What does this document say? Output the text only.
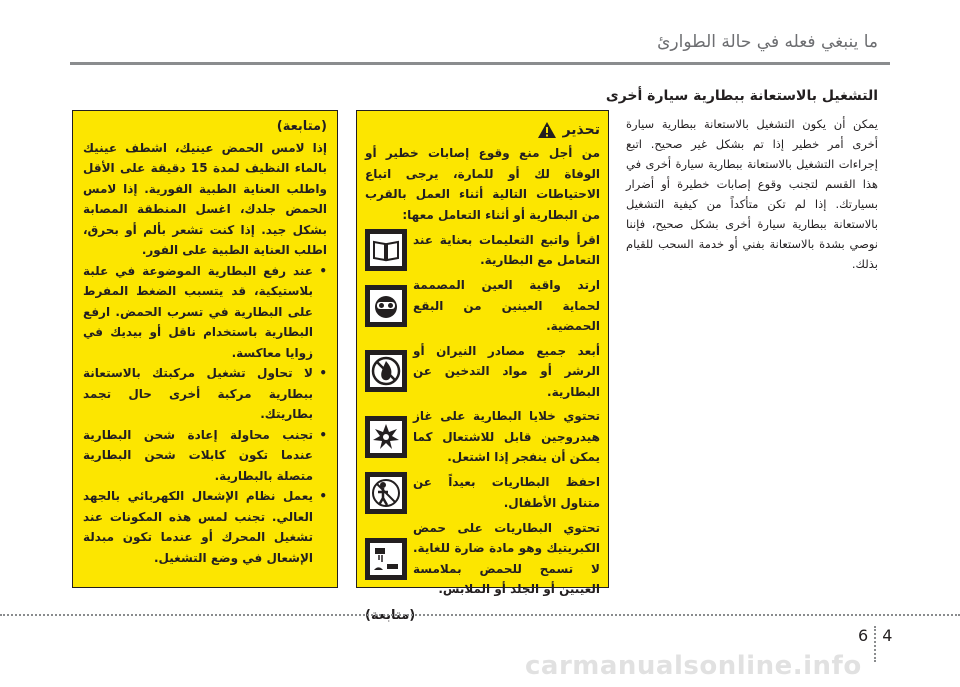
ﻣﺎ ﻳﻨﺒﻐﻲ ﻓﻌﻠﻪ ﻓﻲ ﺣﺎﻟﺔ ﺍﻟﻄﻮﺍﺭﺉ
ﺍﻟﺘﺸﻐﻴﻞ ﺑﺎﻻﺳﺘﻌﺎﻧﺔ ﺑﺒﻄﺎﺭﻳﺔ ﺳﻴﺎﺭﺓ ﺃﺧﺮﻯ
ﻳﻤﻜﻦ ﺃﻥ ﻳﻜﻮﻥ ﺍﻟﺘﺸﻐﻴﻞ ﺑﺎﻻﺳﺘﻌﺎﻧﺔ ﺑﺒﻄﺎﺭﻳﺔ ﺳﻴﺎﺭﺓ ﺃﺧﺮﻯ ﺃﻣﺮ ﺧﻄﻴﺮ ﺇﺫﺍ ﺗﻢ ﺑﺸﻜﻞ ﻏﻴﺮ ﺻﺤﻴﺢ. ﺍﺗﺒﻊ ﺇﺟﺮﺍءﺍﺕ ﺍﻟﺘﺸﻐﻴﻞ ﺑﺎﻻﺳﺘﻌﺎﻧﺔ ﺑﺒﻄﺎﺭﻳﺔ ﺳﻴﺎﺭﺓ ﺃﺧﺮﻯ ﻓﻲ ﻫﺬﺍ ﺍﻟﻘﺴﻢ ﻟﺘﺠﻨﺐ ﻭﻗﻮﻉ ﺇﺻﺎﺑﺎﺕ ﺧﻄﻴﺮﺓ ﺃﻭ ﺃﺿﺮﺍﺭ ﺑﺴﻴﺎﺭﺗﻚ. ﺇﺫﺍ ﻟﻢ ﺗﻜﻦ ﻣﺘﺄﻛﺪﺍً ﻣﻦ ﻛﻴﻔﻴﺔ ﺍﻟﺘﺸﻐﻴﻞ ﺑﺎﻻﺳﺘﻌﺎﻧﺔ ﺑﺒﻄﺎﺭﻳﺔ ﺳﻴﺎﺭﺓ ﺃﺧﺮﻯ ﺑﺸﻜﻞ ﺻﺤﻴﺢ، ﻓﺈﻧﻨﺎ ﻧﻮﺻﻲ ﺑﺸﺪﺓ ﺑﺎﻻﺳﺘﻌﺎﻧﺔ ﺑﻔﻨﻲ ﺃﻭ ﺧﺪﻣﺔ ﺍﻟﺴﺤﺐ ﻟﻠﻘﻴﺎﻡ ﺑﺬﻟﻚ.
ﺗﺤﺬﻳﺮ
ﻣﻦ ﺃﺟﻞ ﻣﻨﻊ ﻭﻗﻮﻉ ﺇﺻﺎﺑﺎﺕ ﺧﻄﻴﺮ ﺃﻭ ﺍﻟﻮﻓﺎﺓ ﻟﻚ ﺃﻭ ﻟﻠﻤﺎﺭﺓ، ﻳﺮﺟﻰ ﺍﺗﺒﺎﻉ ﺍﻻﺣﺘﻴﺎﻃﺎﺕ ﺍﻟﺘﺎﻟﻴﺔ ﺃﺛﻨﺎء ﺍﻟﻌﻤﻞ ﺑﺎﻟﻘﺮﺏ ﻣﻦ ﺍﻟﺒﻄﺎﺭﻳﺔ ﺃﻭ ﺃﺛﻨﺎء ﺍﻟﺘﻌﺎﻣﻞ ﻣﻌﻬﺎ:
ﺍﻗﺮﺃ ﻭﺍﺗﺒﻊ ﺍﻟﺘﻌﻠﻴﻤﺎﺕ ﺑﻌﻨﺎﻳﺔ ﻋﻨﺪ ﺍﻟﺘﻌﺎﻣﻞ ﻣﻊ ﺍﻟﺒﻄﺎﺭﻳﺔ.
ﺍﺭﺗﺪ ﻭﺍﻗﻴﺔ ﺍﻟﻌﻴﻦ ﺍﻟﻤﺼﻤﻤﺔ ﻟﺤﻤﺎﻳﺔ ﺍﻟﻌﻴﻨﻴﻦ ﻣﻦ ﺍﻟﺒﻘﻊ ﺍﻟﺤﻤﻀﻴﺔ.
ﺃﺑﻌﺪ ﺟﻤﻴﻊ ﻣﺼﺎﺩﺭ ﺍﻟﻨﻴﺮﺍﻥ ﺃﻭ ﺍﻟﺮﺷﺮ ﺃﻭ ﻣﻮﺍﺩ ﺍﻟﺘﺪﺧﻴﻦ ﻋﻦ ﺍﻟﺒﻄﺎﺭﻳﺔ.
ﺗﺤﺘﻮﻱ ﺧﻼﻳﺎ ﺍﻟﺒﻄﺎﺭﻳﺔ ﻋﻠﻰ ﻏﺎﺯ ﻫﻴﺪﺭﻭﺟﻴﻦ ﻗﺎﺑﻞ ﻟﻼﺷﺘﻌﺎﻝ ﻛﻤﺎ ﻳﻤﻜﻦ ﺃﻥ ﻳﻨﻔﺠﺮ ﺇﺫﺍ ﺍﺷﺘﻌﻞ.
ﺍﺣﻔﻆ ﺍﻟﺒﻄﺎﺭﻳﺎﺕ ﺑﻌﻴﺪﺍً ﻋﻦ ﻣﺘﻨﺎﻭﻝ ﺍﻷﻃﻔﺎﻝ.
ﺗﺤﺘﻮﻱ ﺍﻟﺒﻄﺎﺭﻳﺎﺕ ﻋﻠﻰ ﺣﻤﺾ ﺍﻟﻜﺒﺮﻳﺘﻴﻚ ﻭﻫﻮ ﻣﺎﺩﺓ ﺿﺎﺭﺓ ﻟﻠﻐﺎﻳﺔ. ﻻ ﺗﺴﻤﺢ ﻟﻠﺤﻤﺾ ﺑﻤﻼﻣﺴﺔ ﺍﻟﻌﻴﻨﻴﻦ ﺃﻭ ﺍﻟﺠﻠﺪ ﺃﻭ ﺍﻟﻤﻼﺑﺲ.
(ﻣﺘﺎﺑﻌﺔ)
(ﻣﺘﺎﺑﻌﺔ)
ﺇﺫﺍ ﻻﻣﺲ ﺍﻟﺤﻤﺾ ﻋﻴﻨﻴﻚ، ﺍﺷﻄﻒ ﻋﻴﻨﻴﻚ ﺑﺎﻟﻤﺎء ﺍﻟﻨﻈﻴﻒ ﻟﻤﺪﺓ 15 ﺩﻗﻴﻘﺔ ﻋﻠﻰ ﺍﻷﻗﻞ ﻭﺍﻃﻠﺐ ﺍﻟﻌﻨﺎﻳﺔ ﺍﻟﻄﺒﻴﺔ ﺍﻟﻔﻮﺭﻳﺔ. ﺇﺫﺍ ﻻﻣﺲ ﺍﻟﺤﻤﺾ ﺟﻠﺪﻙ، ﺍﻏﺴﻞ ﺍﻟﻤﻨﻄﻘﺔ ﺍﻟﻤﺼﺎﺑﺔ ﺑﺸﻜﻞ ﺟﻴﺪ. ﺇﺫﺍ ﻛﻨﺖ ﺗﺸﻌﺮ ﺑﺄﻟﻢ ﺃﻭ ﺑﺤﺮﻕ، ﺍﻃﻠﺐ ﺍﻟﻌﻨﺎﻳﺔ ﺍﻟﻄﺒﻴﺔ ﻋﻠﻰ ﺍﻟﻔﻮﺭ.
• ﻋﻨﺪ ﺭﻓﻊ ﺍﻟﺒﻄﺎﺭﻳﺔ ﺍﻟﻤﻮﺿﻮﻋﺔ ﻓﻲ ﻋﻠﺒﺔ ﺑﻼﺳﺘﻴﻜﻴﺔ، ﻗﺪ ﻳﺘﺴﺒﺐ ﺍﻟﻀﻐﻂ ﺍﻟﻤﻔﺮﻁ ﻋﻠﻰ ﺍﻟﺒﻄﺎﺭﻳﺔ ﻓﻲ ﺗﺴﺮﺏ ﺍﻟﺤﻤﺾ. ﺍﺭﻓﻊ ﺍﻟﺒﻄﺎﺭﻳﺔ ﺑﺎﺳﺘﺨﺪﺍﻡ ﻧﺎﻗﻞ ﺃﻭ ﺑﻴﺪﻳﻚ ﻓﻲ ﺯﻭﺍﻳﺎ ﻣﻌﺎﻛﺴﺔ.
• ﻻ ﺗﺤﺎﻭﻝ ﺗﺸﻐﻴﻞ ﻣﺮﻛﺒﺘﻚ ﺑﺎﻻﺳﺘﻌﺎﻧﺔ ﺑﺒﻄﺎﺭﻳﺔ ﻣﺮﻛﺒﺔ ﺃﺧﺮﻯ ﺣﺎﻝ ﺗﺠﻤﺪ ﺑﻄﺎﺭﻳﺘﻚ.
• ﺗﺠﻨﺐ ﻣﺤﺎﻭﻟﺔ ﺇﻋﺎﺩﺓ ﺷﺤﻦ ﺍﻟﺒﻄﺎﺭﻳﺔ ﻋﻨﺪﻣﺎ ﺗﻜﻮﻥ ﻛﺎﺑﻼﺕ ﺷﺤﻦ ﺍﻟﺒﻄﺎﺭﻳﺔ ﻣﺘﺼﻠﺔ ﺑﺎﻟﺒﻄﺎﺭﻳﺔ.
• ﻳﻌﻤﻞ ﻧﻈﺎﻡ ﺍﻹﺷﻌﺎﻝ ﺍﻟﻜﻬﺮﺑﺎﺋﻲ ﺑﺎﻟﺠﻬﺪ ﺍﻟﻌﺎﻟﻲ. ﺗﺠﻨﺐ ﻟﻤﺲ ﻫﺬﻩ ﺍﻟﻤﻜﻮﻧﺎﺕ ﻋﻨﺪ ﺗﺸﻐﻴﻞ ﺍﻟﻤﺤﺮﻙ ﺃﻭ ﻋﻨﺪﻣﺎ ﺗﻜﻮﻥ ﻣﺒﺪﻟﺔ ﺍﻹﺷﻌﺎﻝ ﻓﻲ ﻭﺿﻊ ﺍﻟﺘﺸﻐﻴﻞ.
6 4
carmanualsonline.info
